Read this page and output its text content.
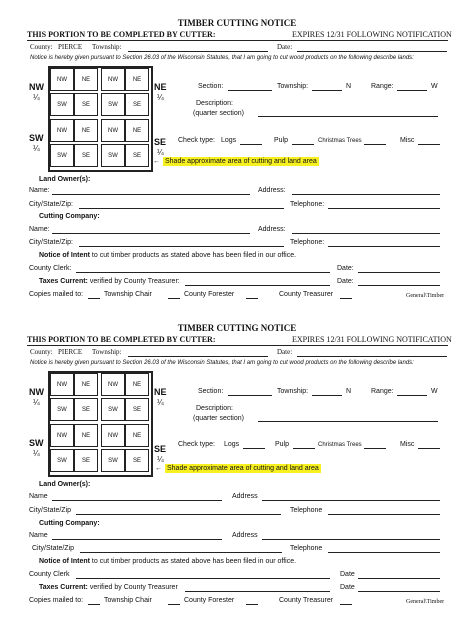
TIMBER CUTTING NOTICE
THIS PORTION TO BE COMPLETED BY CUTTER:	EXPIRES 12/31 FOLLOWING NOTIFICATION
County: PIERCE Township:	Date:
Notice is hereby given pursuant to Section 26.03 of the Wisconsin Statutes, that I am going to cut wood products on the following describe lands:
NW	NE
SW	SE
NW	NE
SW	SE
NW	NE
SW	SE
NW	NE
SW	SE
NW
¼
NE
¼
SW
¼
SE
¼
Section:	Township:	N	Range:	W
Description:
(quarter section)
Check type: Logs	Pulp	Christmas Trees	Misc
← Shade approximate area of cutting and land area
Land Owner(s):
Name:	Address:
City/State/Zip:	Telephone:
Cutting Company:
Name:	Address:
City/State/Zip:	Telephone:
Notice of Intent to cut timber products as stated above has been filed in our office.
County Clerk:	Date:
Taxes Current: verified by County Treasurer:	Date:
Copies mailed to:	Township Chair	County Forester	County Treasurer	General\Timber
TIMBER CUTTING NOTICE
THIS PORTION TO BE COMPLETED BY CUTTER:	EXPIRES 12/31 FOLLOWING NOTIFICATION
County: PIERCE Township:	Date:
Notice is hereby given pursuant to Section 26.03 of the Wisconsin Statutes, that I am going to cut wood products on the following describe lands:
NW	NE
SW	SE
NW	NE
SW	SE
NW	NE
SW	SE
NW	NE
SW	SE
NW
¼
NE
¼
SW
¼	SE
¼
Section:	Township:	N	Range:	W
Description:
(quarter section)
Check type: Logs	Pulp	Christmas Trees	Misc
← Shade approximate area of cutting and land area
Land Owner(s):
Name	Address
City/State/Zip	Telephone
Cutting Company:
Name	Address
City/State/Zip	Telephone
Notice of Intent to cut timber products as stated above has been filed in our office.
County Clerk	Date
Taxes Current: verified by County Treasurer	Date
Copies mailed to:	Township Chair	County Forester	County Treasurer	General\Timber
